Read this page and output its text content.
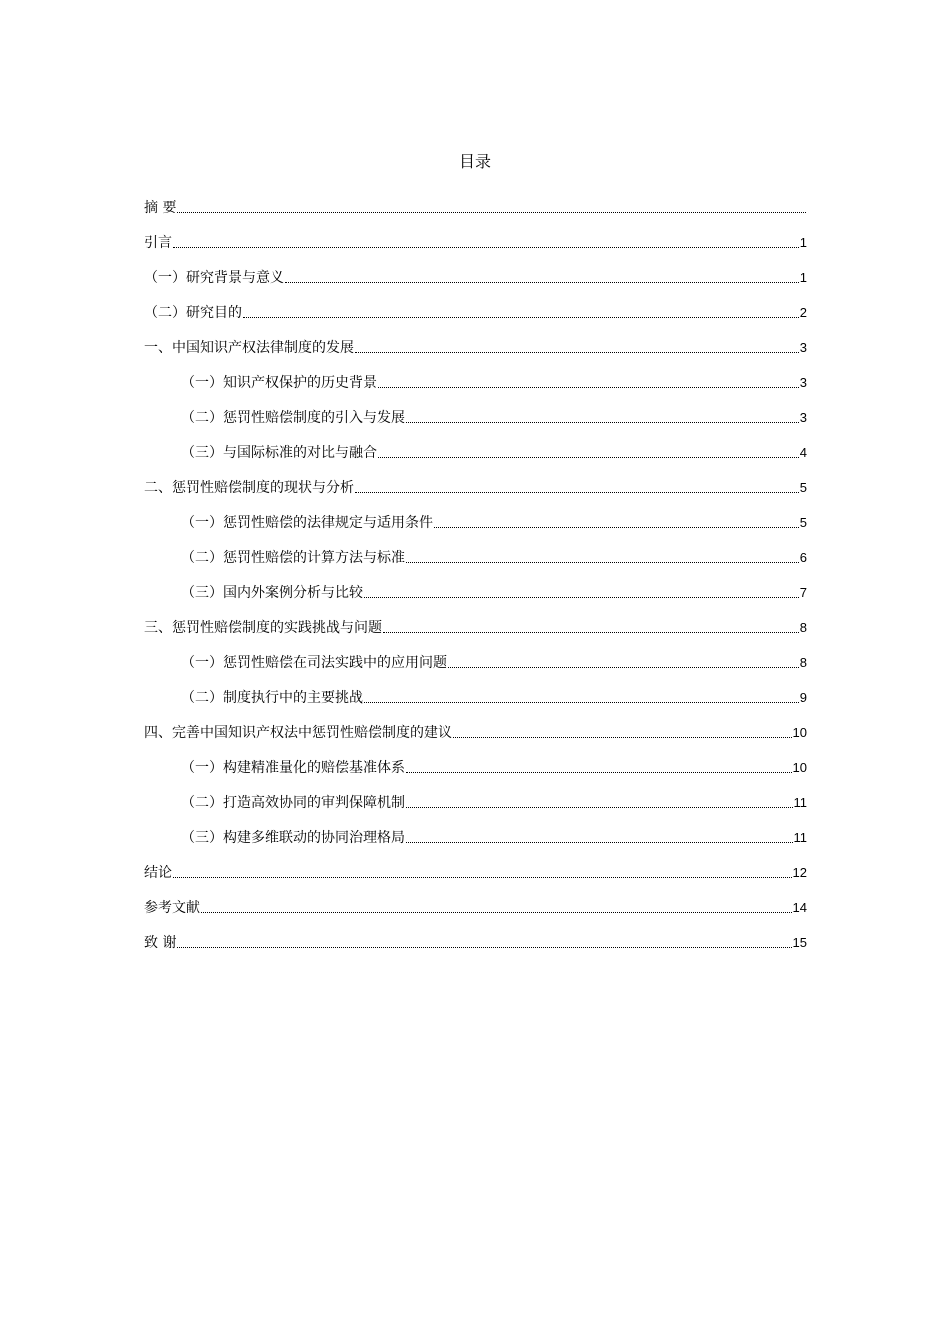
目录
摘 要
引言	1
（一）研究背景与意义	1
（二）研究目的	2
一、中国知识产权法律制度的发展	3
（一）知识产权保护的历史背景	3
（二）惩罚性赔偿制度的引入与发展	3
（三）与国际标准的对比与融合	4
二、惩罚性赔偿制度的现状与分析	5
（一）惩罚性赔偿的法律规定与适用条件	5
（二）惩罚性赔偿的计算方法与标准	6
（三）国内外案例分析与比较	7
三、惩罚性赔偿制度的实践挑战与问题	8
（一）惩罚性赔偿在司法实践中的应用问题	8
（二）制度执行中的主要挑战	9
四、完善中国知识产权法中惩罚性赔偿制度的建议	10
（一）构建精准量化的赔偿基准体系	10
（二）打造高效协同的审判保障机制	11
（三）构建多维联动的协同治理格局	11
结论	12
参考文献	14
致 谢	15
